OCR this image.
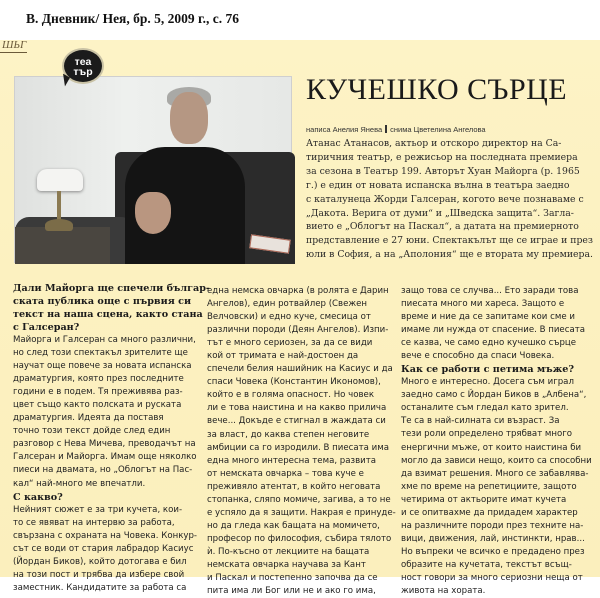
В. Дневник/ Нея, бр. 5, 2009 г., с. 76
ШЬГ
теа
тър
КУЧЕШКО СЪРЦЕ
написа Анелия Янева снима Цветелина Ангелова

Атанас Атанасов, актьор и отскоро директор на Са-

тиричния театър, е режисьор на последната премиера

за сезона в Театър 199. Авторът Хуан Майорга (р. 1965

г.) е един от новата испанска вълна в театъра заедно

с каталунеца Жорди Галсеран, когото вече познаваме с

„Дакота. Верига от думи“ и „Шведска защита“. Загла-

вието е „Облогът на Паскал“, а датата на премиерното

представление е 27 юни. Спектакълът ще се играе и през

юли в София, а на „Аполония“ ще е втората му премиера.

Дали Майорга ще спечели българ-

ската публика още с първия си

текст на наша сцена, както стана

с Галсеран?

Майорга и Галсеран са много различни,

но след този спектакъл зрителите ще

научат още повече за новата испанска

драматургия, която през последните

години е в подем. Тя преживява раз-

цвет също както полската и руската

драматургия. Идеята да поставя

точно този текст дойде след един

разговор с Нева Мичева, преводачът на

Галсеран и Майорга. Имам още няколко

пиеси на двамата, но „Облогът на Пас-

кал“ най-много ме впечатли.

С какво?

Нейният сюжет е за три кучета, кои-

то се явяват на интервю за работа,

свързана с охраната на Човека. Конкур-

сът се води от стария лабрадор Касиус

(Йордан Биков), който дотогава е бил

на този пост и трябва да избере свой

заместник. Кандидатите за работа са

една немска овчарка (в ролята е Дарин

Ангелов), един ротвайлер (Свежен

Велчовски) и едно куче, смесица от

различни породи (Деян Ангелов). Изпи-

тът е много сериозен, за да се види

кой от тримата е най-достоен да

спечели белия нашийник на Касиус и да

спаси Човека (Константин Икономов),

който е в голяма опасност. Но човек

ли е това наистина и на какво прилича

вече... Докъде е стигнал в жаждата си

за власт, до каква степен неговите

амбиции са го изродили. В пиесата има

една много интересна тема, развита

от немската овчарка – това куче е

преживяло атентат, в който неговата

стопанка, сляпо момиче, загива, а то не

е успяло да я защити. Накрая е принуде-

но да гледа как бащата на момичето,

професор по философия, събира тялото

ѝ. По-късно от лекциите на бащата

немската овчарка научава за Кант

и Паскал и постепенно започва да се

пита има ли Бог или не и ако го има,

защо това се случва... Ето заради това

пиесата много ми хареса. Защото е

време и ние да се запитаме кои сме и

имаме ли нужда от спасение. В пиесата

се казва, че само едно кучешко сърце

вече е способно да спаси Човека.

Как се работи с петима мъже?

Много е интересно. Досега съм играл

заедно само с Йордан Биков в „Албена“,

останалите съм гледал като зрител.

Те са в най-силната си възраст. За

тези роли определено трябват много

енергични мъже, от които наистина би

могло да зависи нещо, които са способни

да взимат решения. Много се забавлява-

хме по време на репетициите, защото

четирима от актьорите имат кучета

и се опитвахме да придадем характер

на различните породи през техните на-

вици, движения, лай, инстинкти, нрав...

Но въпреки че всичко е предадено през

образите на кучетата, текстът всъщ-

ност говори за много сериозни неща от

живота на хората.
